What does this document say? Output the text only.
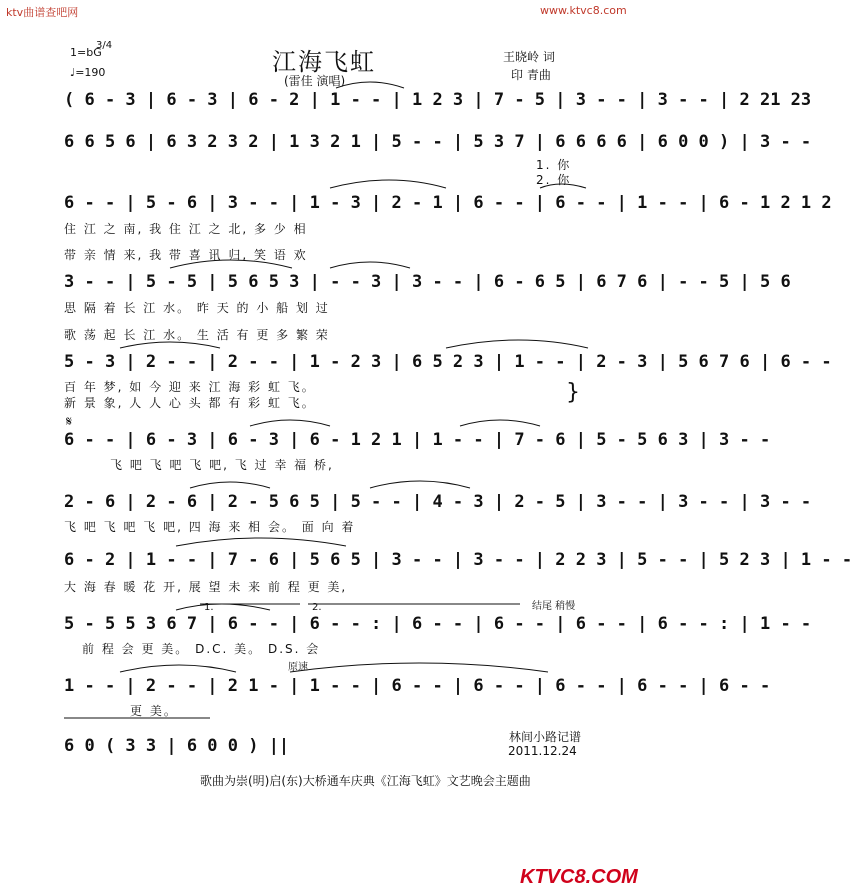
ktv曲谱查吧网	www.ktvc8.com
1=bG
3/4
♩=190	江海飞虹
(雷佳 演唱)
王晓岭 词
印 青曲
( 6 - 3 | 6 - 3 | 6 - 2 | 1 - - | 1 2 3 | 7 - 5 | 3 - - | 3 - - | 2 21 23
6 6 5 6 | 6 3 2 3 2 | 1 3 2 1 | 5 - - | 5 3 7 | 6 6 6 6 | 6 0 0 ) | 3 - -
1. 你
2. 你
6 - - | 5 - 6 | 3 - - | 1 - 3 | 2 - 1 | 6 - - | 6 - - | 1 - - | 6 - 1 2 1 2
住 江 之 南, 我 住 江 之 北, 多 少 相
带 亲 情 来, 我 带 喜 讯 归, 笑 语 欢
3 - - | 5 - 5 | 5 6 5 3 | - - 3 | 3 - - | 6 - 6 5 | 6 7 6 | - - 5 | 5 6
思 隔 着 长 江 水。 昨 天 的 小 船 划 过
歌 荡 起 长 江 水。 生 活 有 更 多 繁 荣
5 - 3 | 2 - - | 2 - - | 1 - 2 3 | 6 5 2 3 | 1 - - | 2 - 3 | 5 6 7 6 | 6 - -
百 年 梦, 如 今 迎 来 江 海 彩 虹 飞。
新 景 象, 人 人 心 头 都 有 彩 虹 飞。	}
𝄋
6 - - | 6 - 3 | 6 - 3 | 6 - 1 2 1 | 1 - - | 7 - 6 | 5 - 5 6 3 | 3 - -
飞 吧 飞 吧 飞 吧, 飞 过 幸 福 桥,
2 - 6 | 2 - 6 | 2 - 5 6 5 | 5 - - | 4 - 3 | 2 - 5 | 3 - - | 3 - - | 3 - -
飞 吧 飞 吧 飞 吧, 四 海 来 相 会。 面 向 着
6 - 2 | 1 - - | 7 - 6 | 5 6 5 | 3 - - | 3 - - | 2 2 3 | 5 - - | 5 2 3 | 1 - -
大 海 春 暖 花 开, 展 望 未 来 前 程 更 美,
1.	2.	结尾 稍慢
5 - 5 5 3 6 7 | 6 - - | 6 - - : | 6 - - | 6 - - | 6 - - | 6 - - : | 1 - -
前 程 会 更 美。 D.C. 美。 D.S. 会
原速
1 - - | 2 - - | 2 1 - | 1 - - | 6 - - | 6 - - | 6 - - | 6 - - | 6 - -
更 美。
6 0 ( 3 3 | 6 0 0 ) ||	林间小路记谱
2011.12.24
歌曲为崇(明)启(东)大桥通车庆典《江海飞虹》文艺晚会主题曲
KTVC8.COM
